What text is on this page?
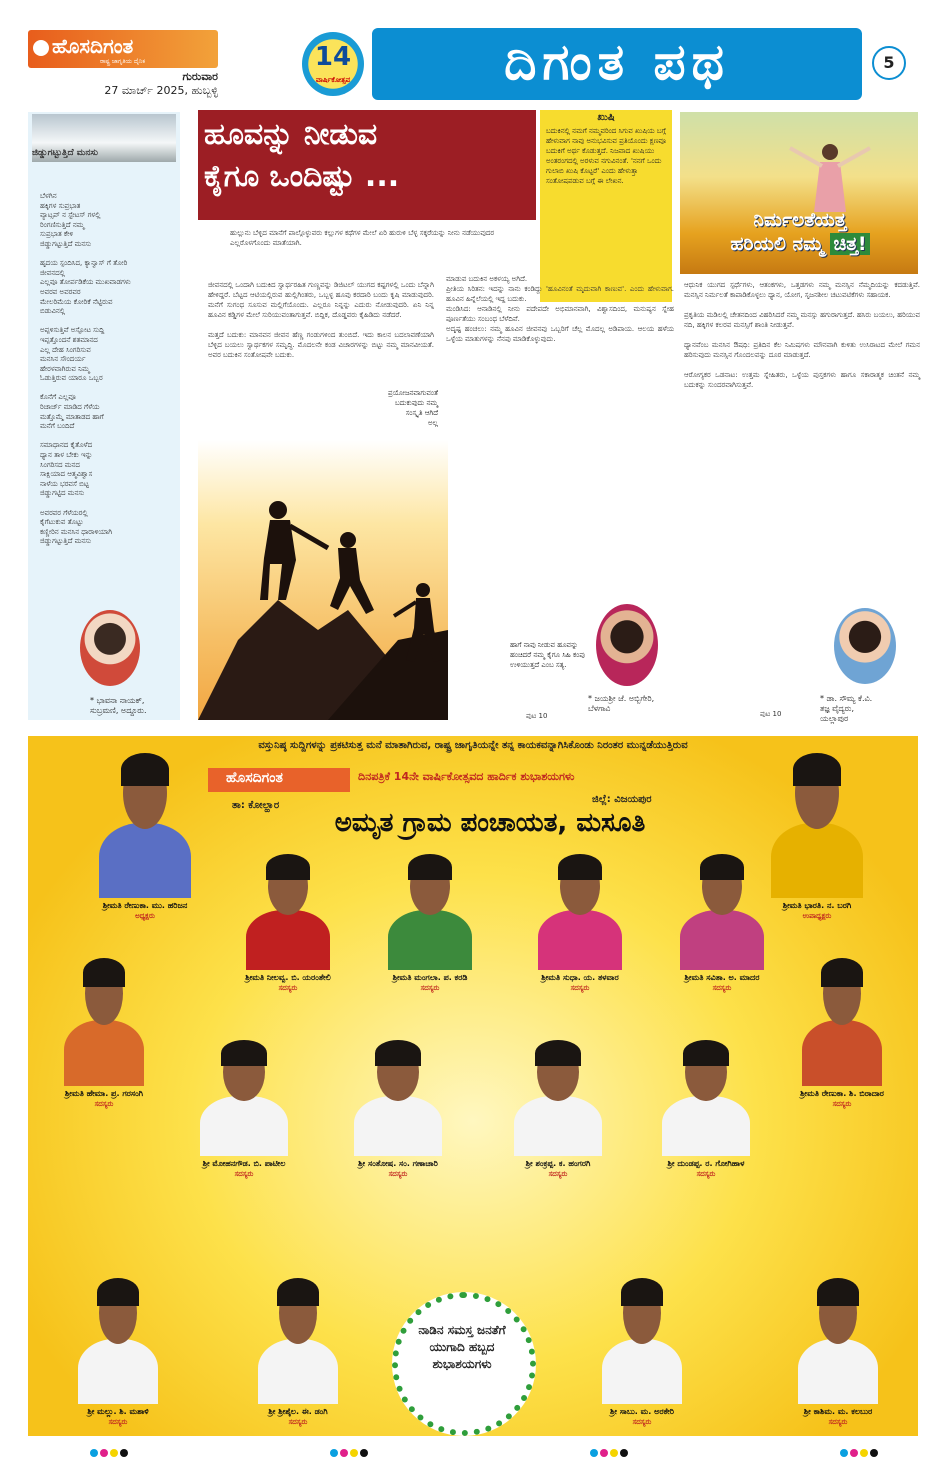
ಹೊಸದಿಗಂತ
ರಾಷ್ಟ್ರ ಜಾಗೃತಿಯ ದೈನಿಕ
ಗುರುವಾರ
27 ಮಾರ್ಚ್ 2025, ಹುಬ್ಬಳ್ಳಿ
14
ವಾರ್ಷಿಕೋತ್ಸವ	ದಿಗಂತ ಪಥ	5
ಜಿಡ್ಡುಗಟ್ಟುತ್ತಿದೆ ಮನಸು
ಬೆಳಗಿನ
ಹಕ್ಕಿಗಳ ಸುಪ್ರಭಾತ
ವ್ಯಾಟ್ಸಪ್ ನ ಸ್ಟೇಟಸ್ ಗಳಲ್ಲಿ
ರಿಂಗಣಿಸುತ್ತಿದೆ ನಮ್ಮ
ಸುಪ್ರಭಾತ ಕೇಳಿ
ಜಿಡ್ಡುಗಟ್ಟುತ್ತಿದೆ ಮನಸು

ಹೃದಯ ಸ್ಪಂದಿಸಿದ, ಕ್ಯಾನ್ವಾಸ್ ಗೆ ತೋರಿ
ಜೀವನದಲ್ಲಿ
ಎಲ್ಲವೂ ತೋರ್ಪಡಿಕೆಯ ಮುಖವಾಡಗಳು
ಅವರವ ಅವರವರ
ಮೇಲರಿಮೆಯ ಕೋರಿಕೆ ನೆಟ್ಟಿರುವ
ಬಿಡುವಿನಲ್ಲಿ

ಅಪ್ಪಳಿಸುತ್ತಿವೆ ಅಸ್ಪೋಟ ಸುದ್ದಿ
ಇಪ್ಪತ್ತೊಂದನೆ ಶತಮಾನದ
ಎಲ್ಲ ದೇಹ ಸಿಂಗರಿಸುವ
ಮನಸಿನ ಸೌಂದರ್ಯ
ಹೇರಳವಾಗಿರುವ ನಿಮ್ಮ
ಓಡುತ್ತಿರುವ ಯಾರೂ ಒಬ್ಬರ

ಕೊನೆಗೆ ಎಲ್ಲವೂ
ರಿಚಾರ್ಜ್ ಮಾಡಿದ ಗೆಳೆಯ
ಮತ್ತೊಮ್ಮೆ ಮಾತಾಡದ ಹಾಗೆ
ಮನೆಗೆ ಬಂದಿದೆ

ಸಮಾಧಾನದ ಕೈತೊಳೆದ
ಧ್ಯಾನ ತಾಳ ಬೇಕು ಇನ್ನು
ಸಿಂಗರಿಸದ ಮನದ
ಸಾಕ್ಷಿಯಾದ ಆತ್ಮವಿಶ್ವಾಸ
ನಾಳೆಯ ಭರವಸೆ ಬಿಟ್ಟ
ಜಿಡ್ಡುಗಟ್ಟಿದ ಮನಸು

ಅವರವರ ಗೆಳೆಯರಲ್ಲಿ
ಕೈಗೆಟುಕುವ ತೊಟ್ಟು
ಕಣ್ಣೀರಿನ ಮನಸಿನ ಧಾರಾಳಿಯಾಗಿ
ಜಿಡ್ಡುಗಟ್ಟುತ್ತಿದೆ ಮನಸು
* ಭಾವನಾ ನಾಯಕ್,
ಸುಬ್ರಮಣಿ, ಅದ್ದೂರು.
ಹೂವನ್ನು ನೀಡುವ
ಕೈಗೂ ಒಂದಿಷ್ಟು ...
ಖುಷಿ
ಬದುಕಿನಲ್ಲಿ ನಮಗೆ ನಮ್ಮವರಿಂದ ಸಿಗುವ ಖುಷಿಯ ಬಗ್ಗೆ ಹೇಳುವಾಗ ನಾವು ಅನುಭವಿಸುವ ಪ್ರತಿಯೊಂದು ಕ್ಷಣವೂ ಬದುಕಿಗೆ ಅರ್ಥ ಕೊಡುತ್ತದೆ. ನಿಜವಾದ ಖುಷಿಯು ಅಂತರಂಗದಲ್ಲಿ ಅರಳುವ ನಗುವಿನಂತೆ. 'ನನಗೆ ಒಂದು ಗುಲಾಬಿ ಖುಷಿ ಕೊಟ್ಟರೆ' ಎಂದು ಹೇಳುತ್ತಾ ಸಂತೋಷಪಡುವ ಬಗ್ಗೆ ಈ ಲೇಖನ.
ಹುಲ್ಲುನು ಬೆಳ್ಳಿದ ಮಾನೆಗೆ ಪಾಲ್ಗೊಳ್ಳುವರು ಕಲ್ಲುಗಳ ಕಥೆಗಳ ಮೇಲೆ ಏರಿ ಹುರುಳಿ ಬೆಳ್ಳ ಸಕ್ಕರೆಯನ್ನು ನೀನು ನಡೆಯುವುದರ ಎಲ್ಲರೊಳಗೊಂದು ಮಾತೆಯಾಗಿ.
ಜೀವನದಲ್ಲಿ ಒಂದಾಗಿ ಬದುಕಿದ ಸ್ವಾರ್ಥರಹಿತ ಗುಣ್ಣವನ್ನು ಡಿಜಿಟಲ್ ಯುಗದ ಕಷ್ಟಗಳಲ್ಲಿ ಒಂದು ಬೆನ್ನಾಗಿ ಹೇಳಿದ್ದರೆ. ಬೆಟ್ಟದ ಆಟಿಯಲ್ಲಿರುವ ಹುಲ್ಲಿಗಿಂತರು, ಒಬ್ಬಳ್ಳ ಹೂವು ಕರದಾರಿ ಬಂದು ಕೃಷಿ ಮಾಡುವುದರಿ. ಮನೆಗೆ ಸುಗಂಧ ಸೂಸುವ ಮಲ್ಲಿಗೆಯೊಂದು. ಎಲ್ಲರೂ ನಿನ್ನನ್ನು ಎದುರು ನೋಡುವುದರಿ. ಏನಿ ನಿನ್ನ ಹೂವಿನ ಕಡ್ಡಿಗಳ ಮೇಲೆ ಸುರಿಯುವಂತಾಗುತ್ತವೆ. ಬಿದ್ದಿಕ, ದೊಡ್ಡವರು ಕೈಹಿಡಿದು ನಡೆದರೆ.

ಮತ್ತದೆ ಬದುಕು: ಮಾನವನ ಜೀವನ ಹೆಣ್ಣ ಗಂಡುಗಳಿಂದ ತುಂಬಿದೆ. ಇದು ಕಾಲನ ಬದಲಾವಣೆಯಾಗಿ ಬೆಳ್ಳಿದ ಬಯಲು ಸ್ವಾರ್ಥಕಗಳ ಸಮೃದ್ಧಿ. ಮೊದಲನೇ ಕಂಡ ವಿಚಾರಗಳನ್ನು ಬಿಟ್ಟು ನಮ್ಮ ಮಾನವೀಯತೆ. ಅವರ ಬದುಕಿನ ಸಂತೋಷವೇ ಬದುಕು.
ಪ್ರಯೋಜನವಾಗುವಂತೆ
ಬದುಕುವುದು ನಮ್ಮ
ಸಂಸ್ಕೃತಿ ಆಗಿದೆ
ಅಲ್ಲ
ಮಾಡುವ ಬದುಕಿನ ಅಕಳಯ್ಯ ಅಗಿದೆ.
ಪ್ರೀತಿಯ ಸಿರಿತನ: ಇದನ್ನು ನಾನು ಕಂಡಿದ್ದು 'ಹೂವಿನಂತೆ ಮೃದುವಾಗಿ ಕಾಣುವ'. ಎಂದು ಹೇಳುವಾಗ. ಹೂವಿನ ಹಿನ್ನೆಲೆಯಲ್ಲಿ ಇದ್ದ ಬದುಕು.
ಮಂಡಿಸಿದ: ಆನಾಡಿನಲ್ಲಿ ನೀನು ಪದೇಪದೇ ಅಭಿಮಾನವಾಗಿ, ವಿಶ್ವಾಸದಿಂದ, ಮನುಷ್ಯನ ಸ್ನೇಹ ಪೂರ್ಣತೆಯು ಸಂಬಂಧ ಬೆಳೆದಿವೆ.
ಅದೃಷ್ಟ ಹಂಚಲು: ನಮ್ಮ ಹೂವಿನ ಜೀವನವು ಒಬ್ಬರಿಗೆ ಚೆಲ್ಲ ಮೊದಲ್ಲ ಅಡಿಪಾಯ. ಆಲಯ ಹಳೆಯ ಒಳ್ಳೆಯ ಮಾತುಗಳನ್ನು ನೆನಪು ಮಾಡಿಕೊಳ್ಳುವುದು.
ಹಾಗೆ ನಾವು ನೀಡುವ ಹೂವನ್ನು ಹಂಚಿದರೆ ನಮ್ಮ ಕೈಗೂ ಸಿಹಿ ಕಂಪು ಉಳಿಯುತ್ತದೆ ಎಂಬ ಸತ್ಯ.
* ಜಯಶ್ರೀ ಜೆ. ಅಬ್ಬಿಗೇರಿ,
ಬೆಳಗಾವಿ
ಪುಟ 10
ನಿರ್ಮಲತೆಯತ್ತ
ಹರಿಯಲಿ ನಮ್ಮ ಚಿತ್ತ!
ಆಧುನಿಕ ಯುಗದ ಸ್ಪರ್ಧೆಗಳು, ಆತಂಕಗಳು, ಒತ್ತಡಗಳು ನಮ್ಮ ಮನಸ್ಸಿನ ನೆಮ್ಮದಿಯನ್ನು ಕದಡುತ್ತಿವೆ. ಮನಸ್ಸಿನ ನಿರ್ಮಲತೆ ಕಾಪಾಡಿಕೊಳ್ಳಲು ಧ್ಯಾನ, ಯೋಗ, ಸೃಜನಶೀಲ ಚಟುವಟಿಕೆಗಳು ಸಹಾಯಕ.

ಪ್ರಕೃತಿಯ ಮಡಿಲಲ್ಲಿ ಚೇತನದಿಂದ ವಿಹರಿಸಿದರೆ ನಮ್ಮ ಮನಸ್ಸು ಹಗುರಾಗುತ್ತದೆ. ಹಸಿರು ಬಯಲು, ಹರಿಯುವ ನದಿ, ಹಕ್ಕಿಗಳ ಕಲರವ ಮನಸ್ಸಿಗೆ ಶಾಂತಿ ನೀಡುತ್ತವೆ.

ಧ್ಯಾನವೆಂಬ ಮನಸಿನ ಔಷಧಿ: ಪ್ರತಿದಿನ ಕೆಲ ನಿಮಿಷಗಳು ಮೌನವಾಗಿ ಕುಳಿತು ಉಸಿರಾಟದ ಮೇಲೆ ಗಮನ ಹರಿಸುವುದು ಮನಸ್ಸಿನ ಗೊಂದಲವನ್ನು ದೂರ ಮಾಡುತ್ತದೆ.

ಆರೋಗ್ಯಕರ ಒಡನಾಟ: ಉತ್ತಮ ಸ್ನೇಹಿತರು, ಒಳ್ಳೆಯ ಪುಸ್ತಕಗಳು ಹಾಗೂ ಸಕಾರಾತ್ಮಕ ಚಿಂತನೆ ನಮ್ಮ ಬದುಕನ್ನು ಸುಂದರವಾಗಿಸುತ್ತವೆ.
* ಡಾ. ಸೌಮ್ಯ ಕೆ.ವಿ.
ತಜ್ಞ ವೈದ್ಯರು,
ಯಲ್ಲಾಪುರ
ಪುಟ 10
ವಸ್ತುನಿಷ್ಠ ಸುದ್ದಿಗಳನ್ನು ಪ್ರಕಟಿಸುತ್ತ ಮನೆ ಮಾತಾಗಿರುವ, ರಾಷ್ಟ್ರ ಜಾಗೃತಿಯನ್ನೇ ತನ್ನ ಕಾಯಕವನ್ನಾಗಿಸಿಕೊಂಡು ನಿರಂತರ ಮುನ್ನಡೆಯುತ್ತಿರುವ
ಹೊಸದಿಗಂತ	ದಿನಪತ್ರಿಕೆ 14ನೇ ವಾರ್ಷಿಕೋತ್ಸವದ ಹಾರ್ದಿಕ ಶುಭಾಶಯಗಳು
ತಾ: ಕೋಲ್ಹಾರ
ಜಿಲ್ಲೆ: ವಿಜಯಪುರ
ಅಮೃತ ಗ್ರಾಮ ಪಂಚಾಯತ, ಮಸೂತಿ
ಶ್ರೀಮತಿ ರೇಣುಕಾ. ಮು. ಹರಿಜನ
ಅಧ್ಯಕ್ಷರು
ಶ್ರೀಮತಿ ಭಾರತಿ. ನ. ಬರಗಿ
ಉಪಾಧ್ಯಕ್ಷರು
ಶ್ರೀಮತಿ ನೀಲವ್ವ. ಬಿ. ಯರಂತೇಲಿ
ಸದಸ್ಯರು
ಶ್ರೀಮತಿ ಮಂಗಲಾ. ಪ. ಕರಡಿ
ಸದಸ್ಯರು
ಶ್ರೀಮತಿ ಸುಧಾ. ಯ. ತಳವಾರ
ಸದಸ್ಯರು
ಶ್ರೀಮತಿ ಸವಿತಾ. ಅ. ಮಾದರ
ಸದಸ್ಯರು
ಶ್ರೀಮತಿ ಹೇಮಾ. ಪ್ರ. ಗರಸಂಗಿ
ಸದಸ್ಯರು
ಶ್ರೀಮತಿ ರೇಣುಕಾ. ಶಿ. ಬಿರಾದಾರ
ಸದಸ್ಯರು
ಶ್ರೀ ಮೋಹನಗೌಡ. ಬಿ. ಪಾಟೀಲ
ಸದಸ್ಯರು
ಶ್ರೀ ಸಂತೋಷ. ಸಂ. ಗಣಾಚಾರಿ
ಸದಸ್ಯರು
ಶ್ರೀ ಶಂಕ್ರಪ್ಪ. ಕ. ಹಂಗರಗಿ
ಸದಸ್ಯರು
ಶ್ರೀ ದುಂಡಪ್ಪ. ರ. ಗೋಗಿಹಾಳ
ಸದಸ್ಯರು
ಶ್ರೀ ಮಲ್ಲು. ಶಿ. ಮಶಾಳಿ
ಸದಸ್ಯರು
ಶ್ರೀ ಶ್ರೀಶೈಲ. ಈ. ಡಂಗಿ
ಸದಸ್ಯರು
ಶ್ರೀ ಸಾಬು. ಮ. ಅರಕೇರಿ
ಸದಸ್ಯರು
ಶ್ರೀ ಕಾಶಿಮ. ಮ. ಕಲಬುರ
ಸದಸ್ಯರು
ನಾಡಿನ ಸಮಸ್ತ ಜನತೆಗೆ
ಯುಗಾದಿ ಹಬ್ಬದ
ಶುಭಾಶಯಗಳು
